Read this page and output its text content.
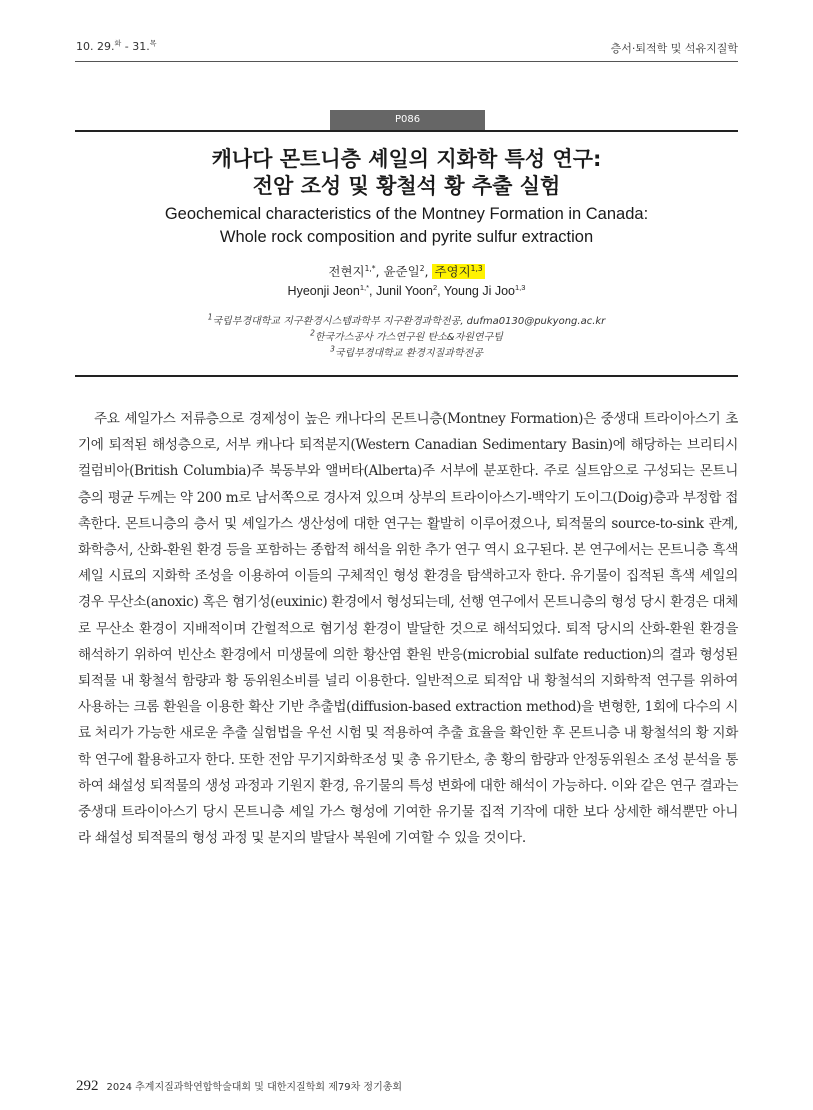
10. 29.$^화$ - 31.$^목$	층서·퇴적학 및 석유지질학
P086
캐나다 몬트니층 셰일의 지화학 특성 연구:
전암 조성 및 황철석 황 추출 실험
Geochemical characteristics of the Montney Formation in Canada:
Whole rock composition and pyrite sulfur extraction
전현지$^{1,*}$, 윤준일$^2$, 주영지$^{1,3}$
Hyeonji Jeon$^{1,*}$, Junil Yoon$^2$, Young Ji Joo$^{1,3}$
$^1$국립부경대학교 지구환경시스템과학부 지구환경과학전공, dufma0130@pukyong.ac.kr
$^2$한국가스공사 가스연구원 탄소&자원연구팀
$^3$국립부경대학교 환경지질과학전공

주요 셰일가스 저류층으로 경제성이 높은 캐나다의 몬트니층(Montney Formation)은 중생대 트라이아스기 초기에 퇴적된 해성층으로, 서부 캐나다 퇴적분지(Western Canadian Sedimentary Basin)에 해당하는 브리티시컬럼비아(British Columbia)주 북동부와 앨버타(Alberta)주 서부에 분포한다. 주로 실트암으로 구성되는 몬트니층의 평균 두께는 약 200 m로 남서쪽으로 경사져 있으며 상부의 트라이아스기-백악기 도이그(Doig)층과 부정합 접촉한다. 몬트니층의 층서 및 셰일가스 생산성에 대한 연구는 활발히 이루어졌으나, 퇴적물의 source-to-sink 관계, 화학층서, 산화-환원 환경 등을 포함하는 종합적 해석을 위한 추가 연구 역시 요구된다. 본 연구에서는 몬트니층 흑색 셰일 시료의 지화학 조성을 이용하여 이들의 구체적인 형성 환경을 탐색하고자 한다. 유기물이 집적된 흑색 셰일의 경우 무산소(anoxic) 혹은 혐기성(euxinic) 환경에서 형성되는데, 선행 연구에서 몬트니층의 형성 당시 환경은 대체로 무산소 환경이 지배적이며 간헐적으로 혐기성 환경이 발달한 것으로 해석되었다. 퇴적 당시의 산화-환원 환경을 해석하기 위하여 빈산소 환경에서 미생물에 의한 황산염 환원 반응(microbial sulfate reduction)의 결과 형성된 퇴적물 내 황철석 함량과 황 동위원소비를 널리 이용한다. 일반적으로 퇴적암 내 황철석의 지화학적 연구를 위하여 사용하는 크롬 환원을 이용한 확산 기반 추출법(diffusion-based extraction method)을 변형한, 1회에 다수의 시료 처리가 가능한 새로운 추출 실험법을 우선 시험 및 적용하여 추출 효율을 확인한 후 몬트니층 내 황철석의 황 지화학 연구에 활용하고자 한다. 또한 전암 무기지화학조성 및 총 유기탄소, 총 황의 함량과 안정동위원소 조성 분석을 통하여 쇄설성 퇴적물의 생성 과정과 기원지 환경, 유기물의 특성 변화에 대한 해석이 가능하다. 이와 같은 연구 결과는 중생대 트라이아스기 당시 몬트니층 셰일 가스 형성에 기여한 유기물 집적 기작에 대한 보다 상세한 해석뿐만 아니라 쇄설성 퇴적물의 형성 과정 및 분지의 발달사 복원에 기여할 수 있을 것이다.

292 2024 추계지질과학연합학술대회 및 대한지질학회 제79차 정기총회
